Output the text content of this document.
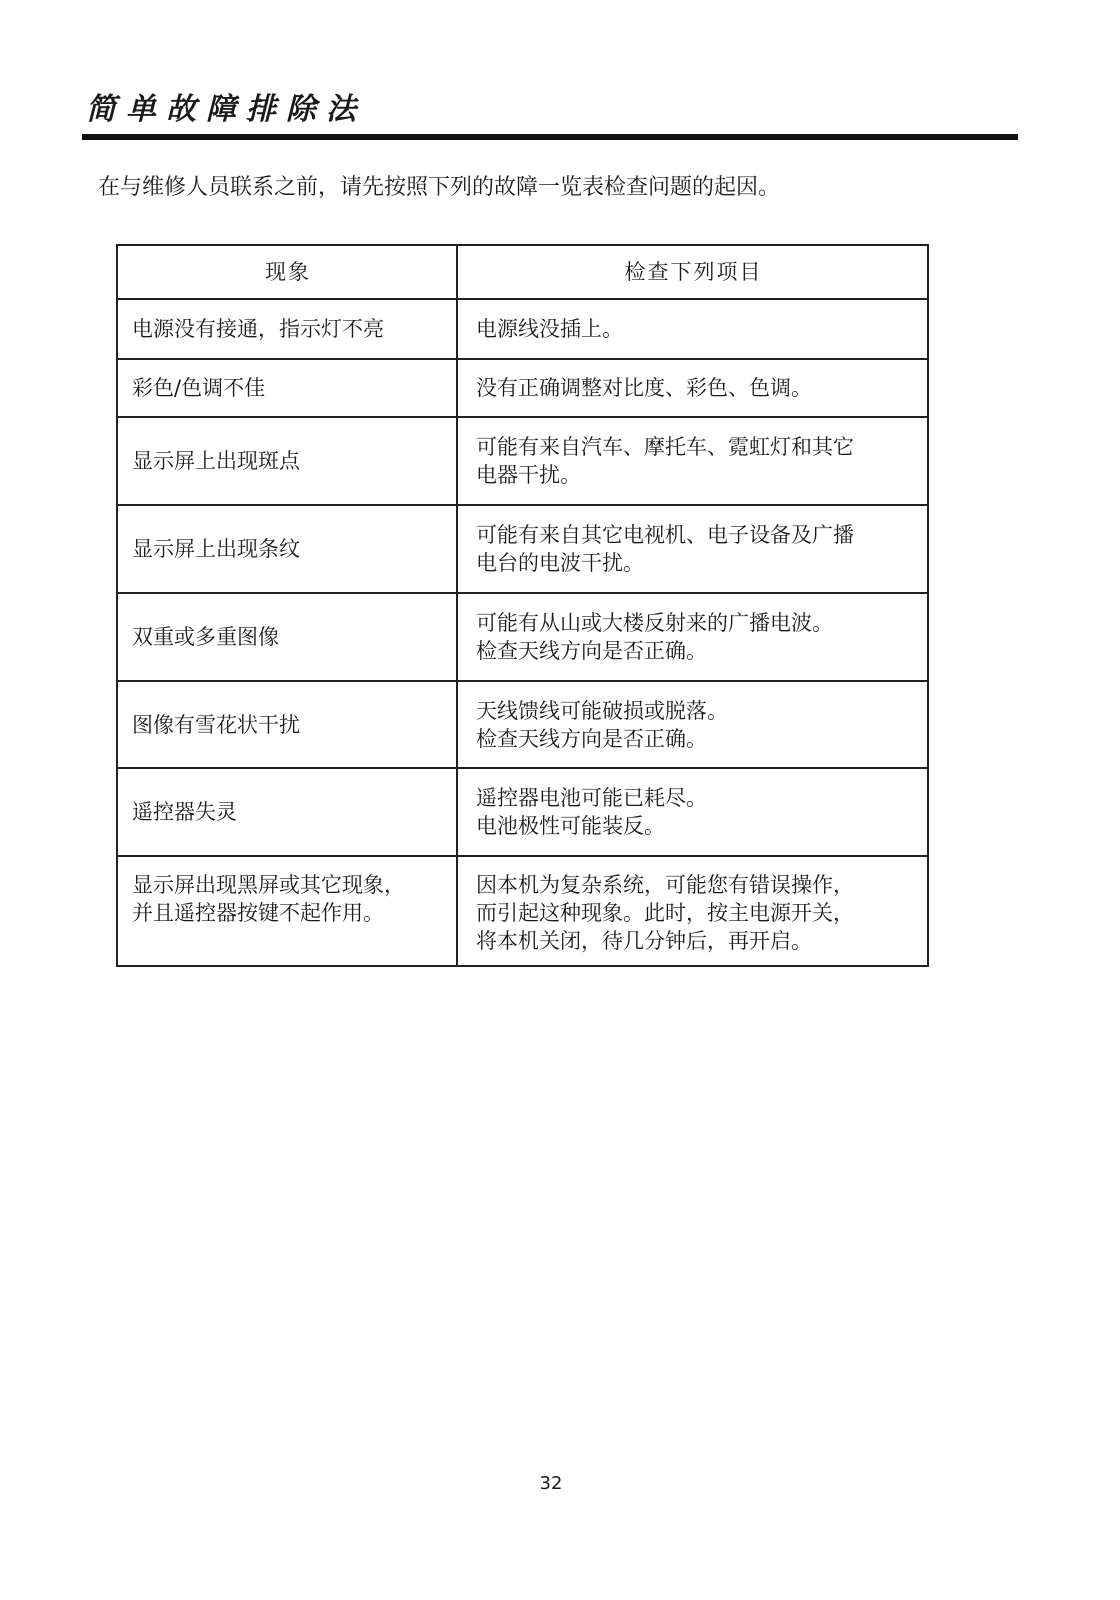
简单故障排除法
在与维修人员联系之前，请先按照下列的故障一览表检查问题的起因。
现象	检查下列项目
电源没有接通，指示灯不亮	电源线没插上。
彩色/色调不佳	没有正确调整对比度、彩色、色调。
显示屏上出现斑点	可能有来自汽车、摩托车、霓虹灯和其它
电器干扰。
显示屏上出现条纹	可能有来自其它电视机、电子设备及广播
电台的电波干扰。
双重或多重图像	可能有从山或大楼反射来的广播电波。
检查天线方向是否正确。
图像有雪花状干扰	天线馈线可能破损或脱落。
检查天线方向是否正确。
遥控器失灵	遥控器电池可能已耗尽。
电池极性可能装反。
显示屏出现黑屏或其它现象，
并且遥控器按键不起作用。	因本机为复杂系统，可能您有错误操作，
而引起这种现象。此时，按主电源开关，
将本机关闭，待几分钟后，再开启。
32
